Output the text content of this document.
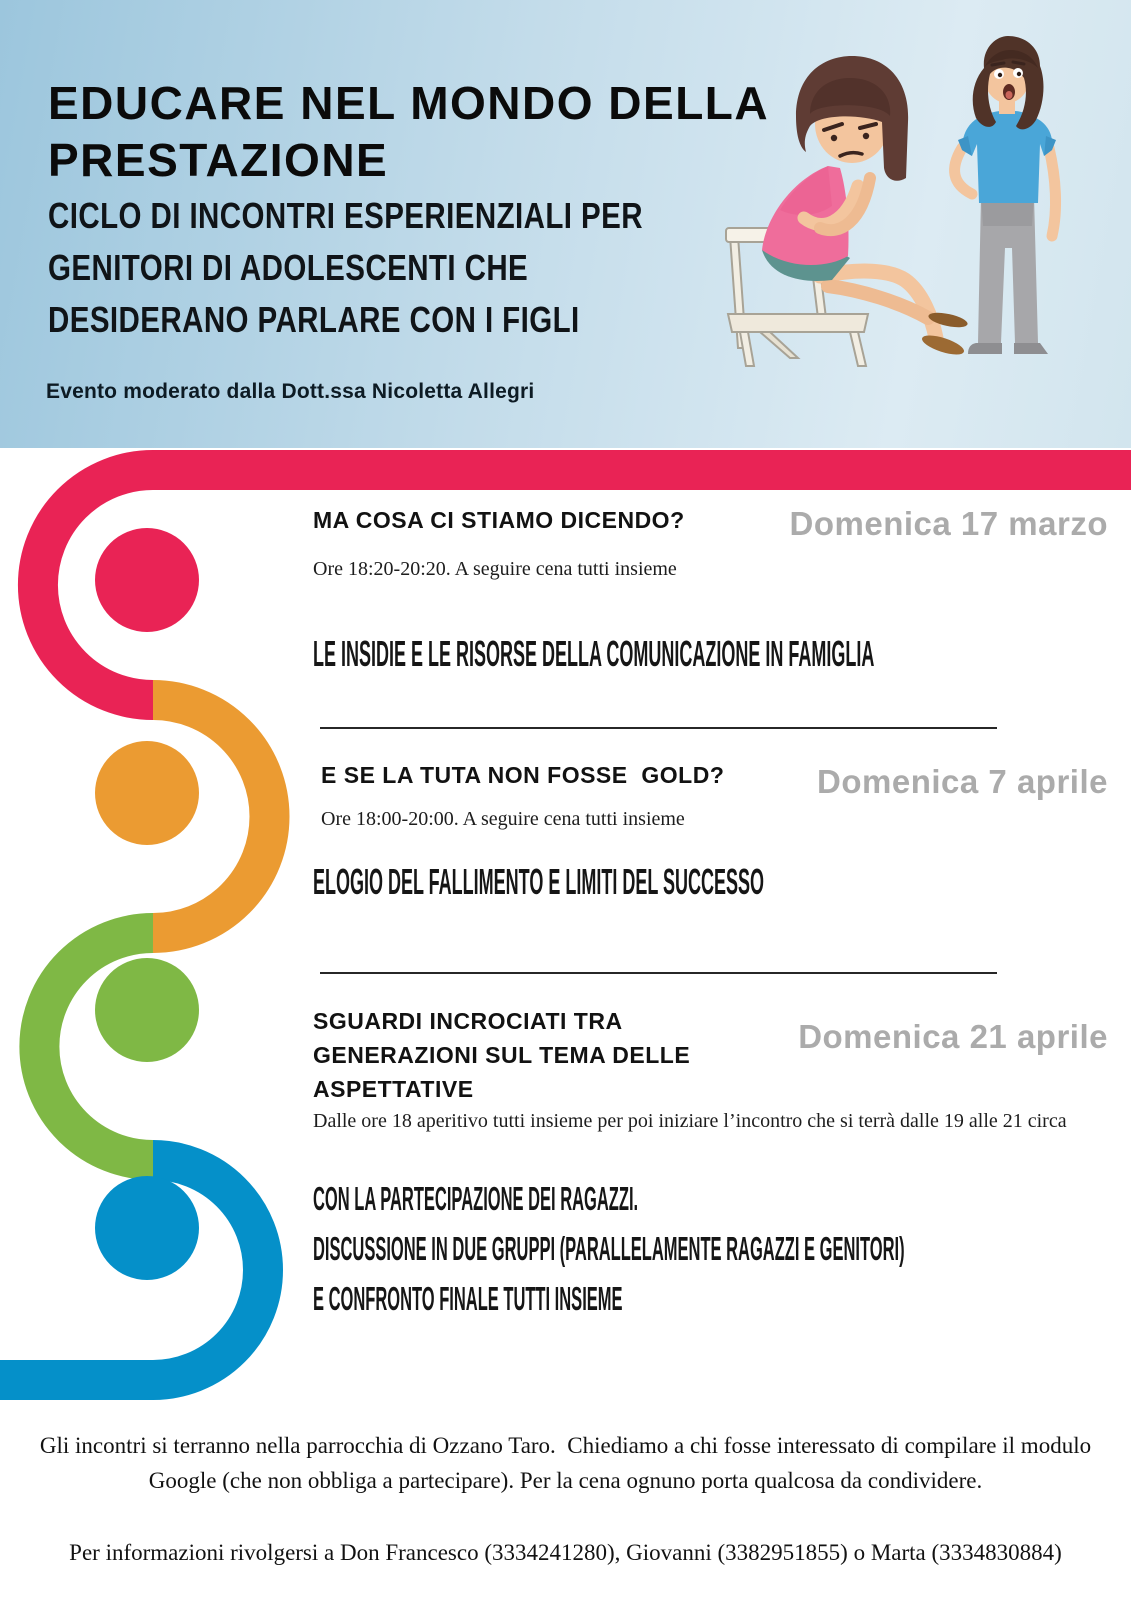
EDUCARE NEL MONDO DELLA PRESTAZIONE
CICLO DI INCONTRI ESPERIENZIALI PER GENITORI DI ADOLESCENTI CHE DESIDERANO PARLARE CON I FIGLI
Evento moderato dalla Dott.ssa Nicoletta Allegri
MA COSA CI STIAMO DICENDO?	Domenica 17 marzo
Ore 18:20-20:20. A seguire cena tutti insieme
LE INSIDIE E LE RISORSE DELLA COMUNICAZIONE IN FAMIGLIA
E SE LA TUTA NON FOSSE  GOLD?	Domenica 7 aprile
Ore 18:00-20:00. A seguire cena tutti insieme
ELOGIO DEL FALLIMENTO E LIMITI DEL SUCCESSO
SGUARDI INCROCIATI TRA GENERAZIONI SUL TEMA DELLE ASPETTATIVE
Domenica 21 aprile
Dalle ore 18 aperitivo tutti insieme per poi iniziare l’incontro che si terrà dalle 19 alle 21 circa
CON LA PARTECIPAZIONE DEI RAGAZZI.
DISCUSSIONE IN DUE GRUPPI (PARALLELAMENTE RAGAZZI E GENITORI)
E CONFRONTO FINALE TUTTI INSIEME
Gli incontri si terranno nella parrocchia di Ozzano Taro.  Chiediamo a chi fosse interessato di compilare il modulo Google (che non obbliga a partecipare). Per la cena ognuno porta qualcosa da condividere.
Per informazioni rivolgersi a Don Francesco (3334241280), Giovanni (3382951855) o Marta (3334830884)
